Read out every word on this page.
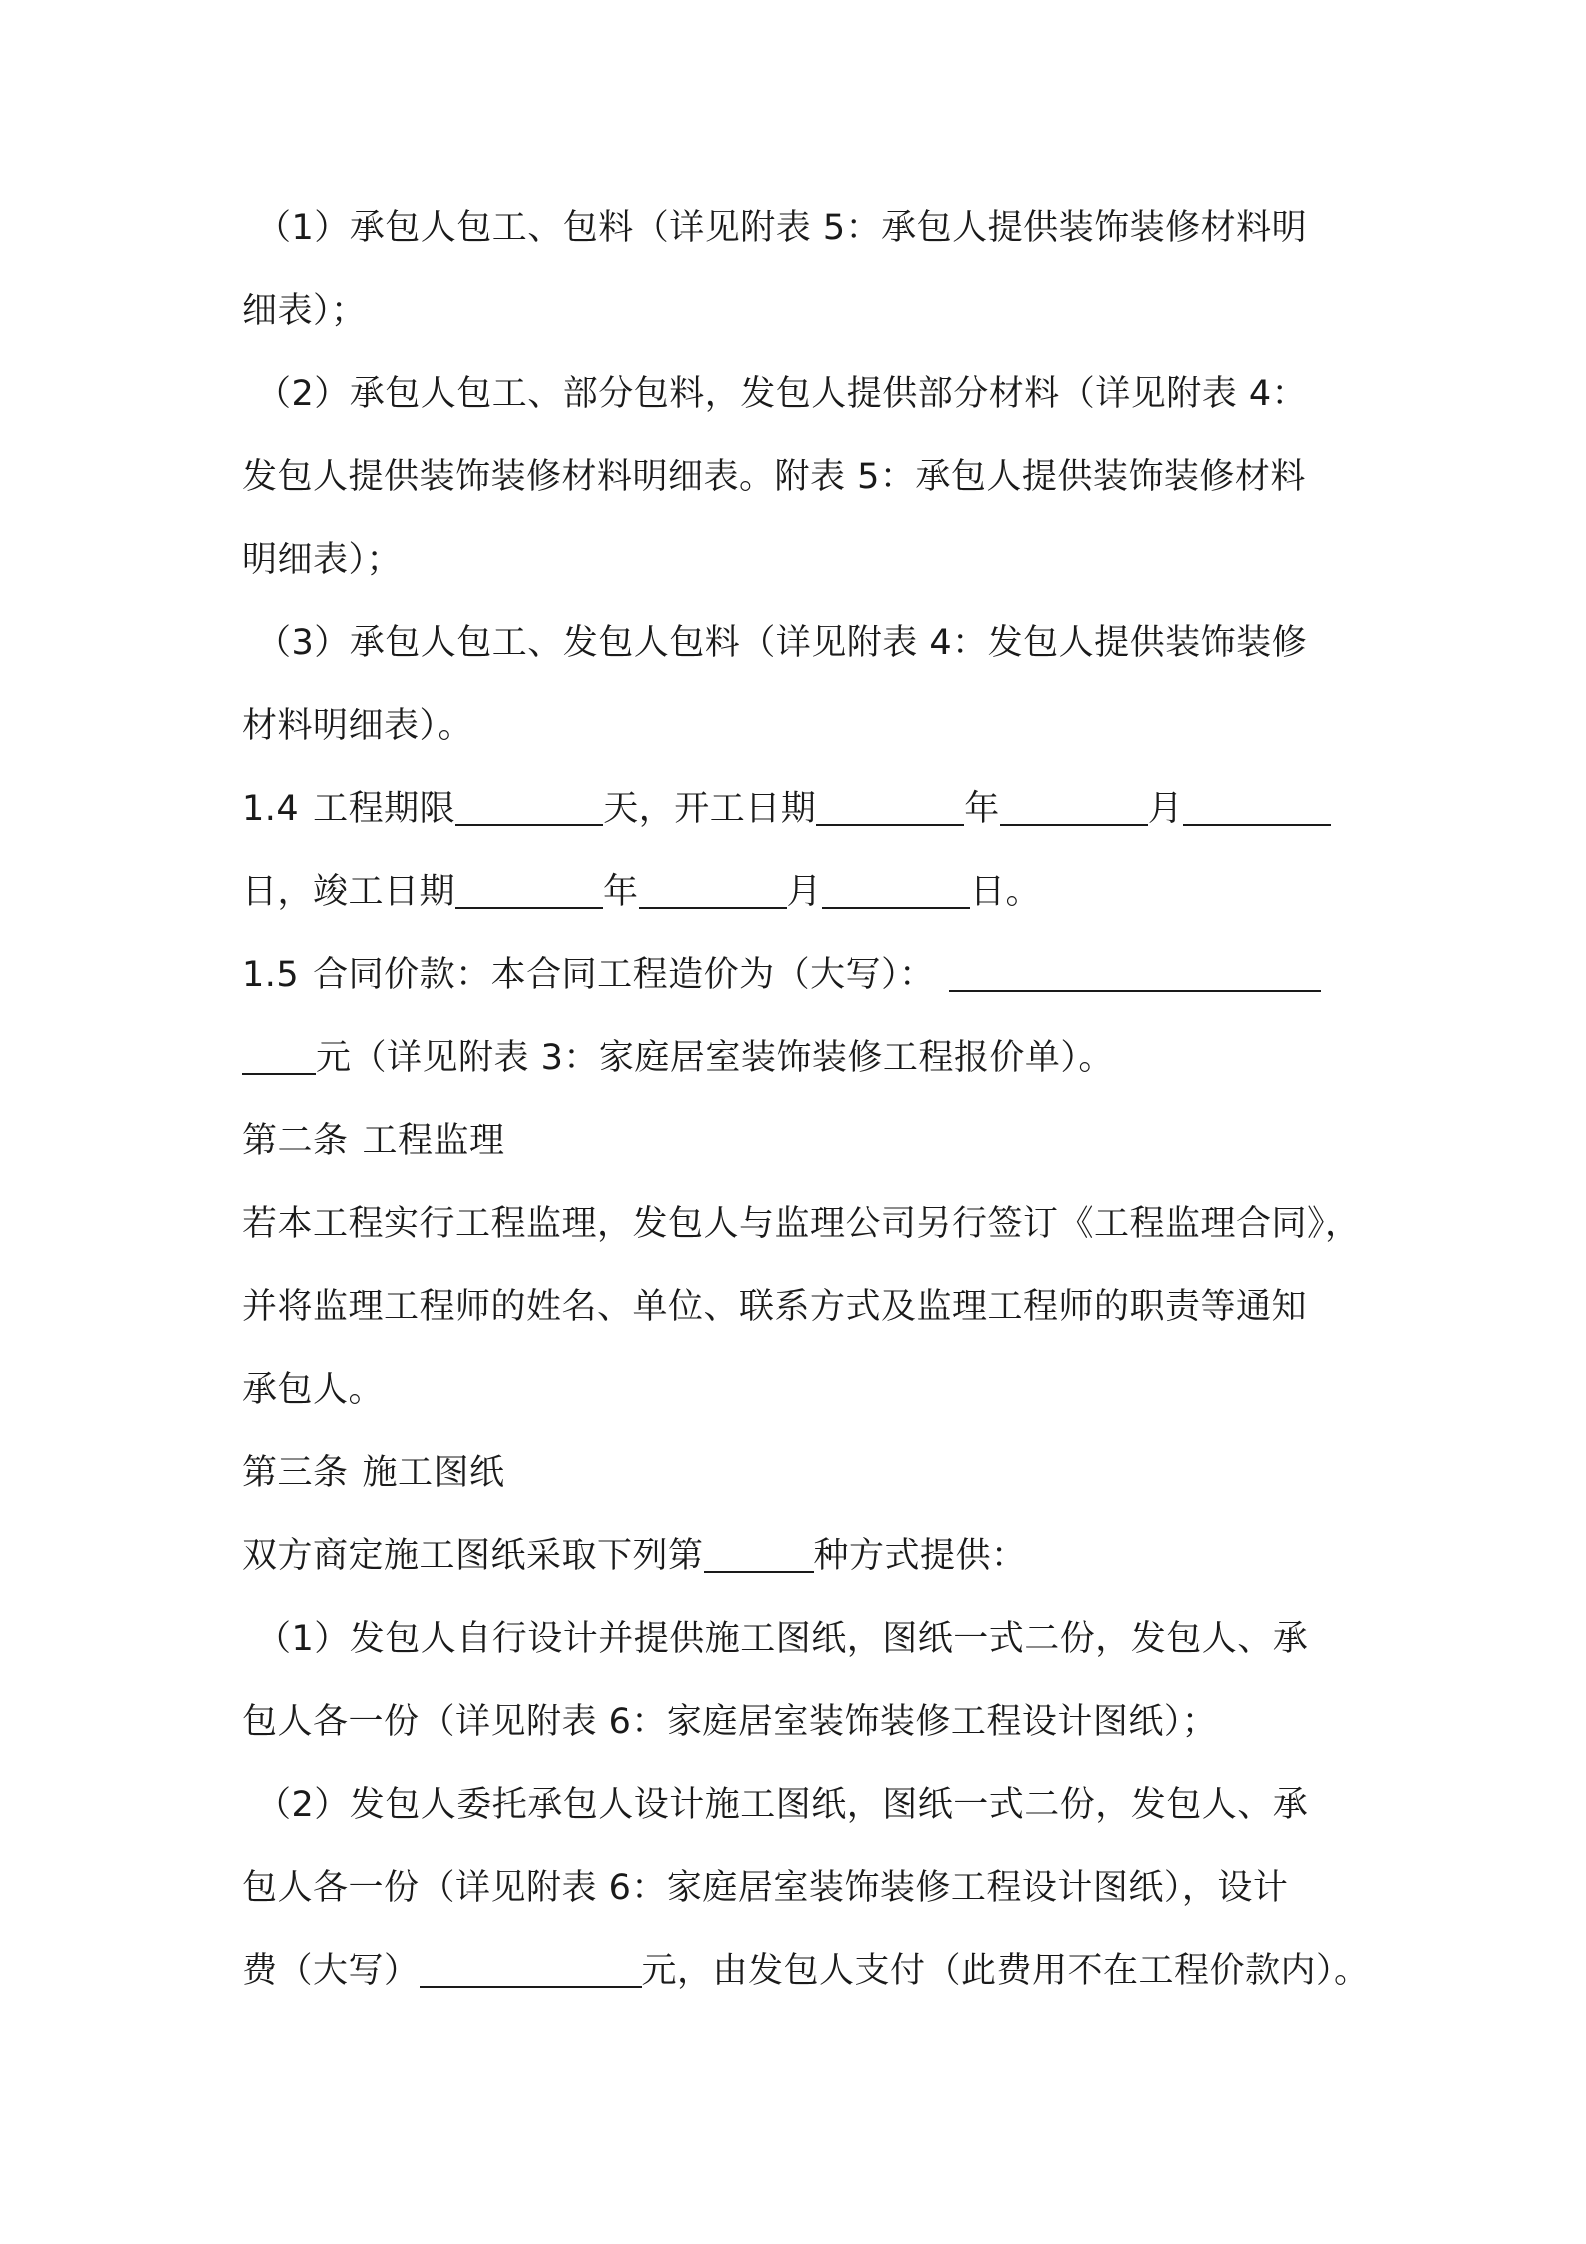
（1）承包人包工、包料（详见附表 5：承包人提供装饰装修材料明
细表）；
（2）承包人包工、部分包料，发包人提供部分材料（详见附表 4：
发包人提供装饰装修材料明细表。附表 5：承包人提供装饰装修材料
明细表）；
（3）承包人包工、发包人包料（详见附表 4：发包人提供装饰装修
材料明细表）。
1.4 工程期限	天，开工日期	年	月
日，竣工日期	年	月	日。
1.5 合同价款：本合同工程造价为（大写）：
元（详见附表 3：家庭居室装饰装修工程报价单）。
第二条 工程监理
若本工程实行工程监理，发包人与监理公司另行签订《工程监理合同》，
并将监理工程师的姓名、单位、联系方式及监理工程师的职责等通知
承包人。
第三条 施工图纸
双方商定施工图纸采取下列第	种方式提供：
（1）发包人自行设计并提供施工图纸，图纸一式二份，发包人、承
包人各一份（详见附表 6：家庭居室装饰装修工程设计图纸）；
（2）发包人委托承包人设计施工图纸，图纸一式二份，发包人、承
包人各一份（详见附表 6：家庭居室装饰装修工程设计图纸），设计
费（大写）	元，由发包人支付（此费用不在工程价款内）。
